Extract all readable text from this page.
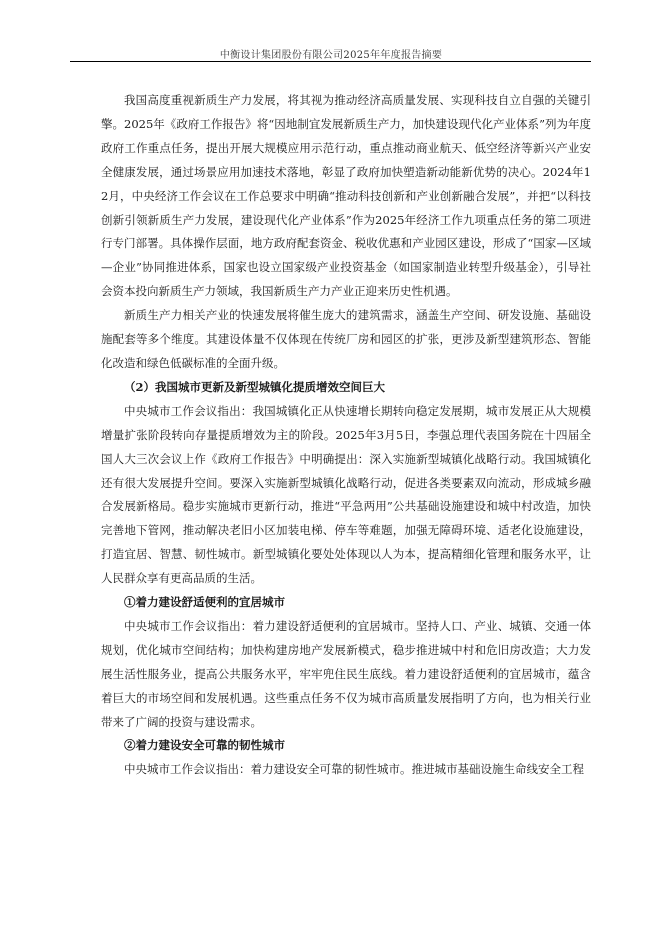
中衡设计集团股份有限公司2025年年度报告摘要

我国高度重视新质生产力发展，将其视为推动经济高质量发展、实现科技自立自强的关键引擎。2025年《政府工作报告》将“因地制宜发展新质生产力，加快建设现代化产业体系”列为年度政府工作重点任务，提出开展大规模应用示范行动，重点推动商业航天、低空经济等新兴产业安全健康发展，通过场景应用加速技术落地，彰显了政府加快塑造新动能新优势的决心。2024年12月，中央经济工作会议在工作总要求中明确“推动科技创新和产业创新融合发展”，并把“以科技创新引领新质生产力发展，建设现代化产业体系”作为2025年经济工作九项重点任务的第二项进行专门部署。具体操作层面，地方政府配套资金、税收优惠和产业园区建设，形成了“国家—区域—企业”协同推进体系，国家也设立国家级产业投资基金（如国家制造业转型升级基金），引导社会资本投向新质生产力领域，我国新质生产力产业正迎来历史性机遇。

新质生产力相关产业的快速发展将催生庞大的建筑需求，涵盖生产空间、研发设施、基础设施配套等多个维度。其建设体量不仅体现在传统厂房和园区的扩张，更涉及新型建筑形态、智能化改造和绿色低碳标准的全面升级。

（2）我国城市更新及新型城镇化提质增效空间巨大

中央城市工作会议指出：我国城镇化正从快速增长期转向稳定发展期，城市发展正从大规模增量扩张阶段转向存量提质增效为主的阶段。2025年3月5日，李强总理代表国务院在十四届全国人大三次会议上作《政府工作报告》中明确提出：深入实施新型城镇化战略行动。我国城镇化还有很大发展提升空间。要深入实施新型城镇化战略行动，促进各类要素双向流动，形成城乡融合发展新格局。稳步实施城市更新行动，推进“平急两用”公共基础设施建设和城中村改造，加快完善地下管网，推动解决老旧小区加装电梯、停车等难题，加强无障碍环境、适老化设施建设，打造宜居、智慧、韧性城市。新型城镇化要处处体现以人为本，提高精细化管理和服务水平，让人民群众享有更高品质的生活。

①着力建设舒适便利的宜居城市

中央城市工作会议指出：着力建设舒适便利的宜居城市。坚持人口、产业、城镇、交通一体规划，优化城市空间结构；加快构建房地产发展新模式，稳步推进城中村和危旧房改造；大力发展生活性服务业，提高公共服务水平，牢牢兜住民生底线。着力建设舒适便利的宜居城市，蕴含着巨大的市场空间和发展机遇。这些重点任务不仅为城市高质量发展指明了方向，也为相关行业带来了广阔的投资与建设需求。

②着力建设安全可靠的韧性城市

中央城市工作会议指出：着力建设安全可靠的韧性城市。推进城市基础设施生命线安全工程
